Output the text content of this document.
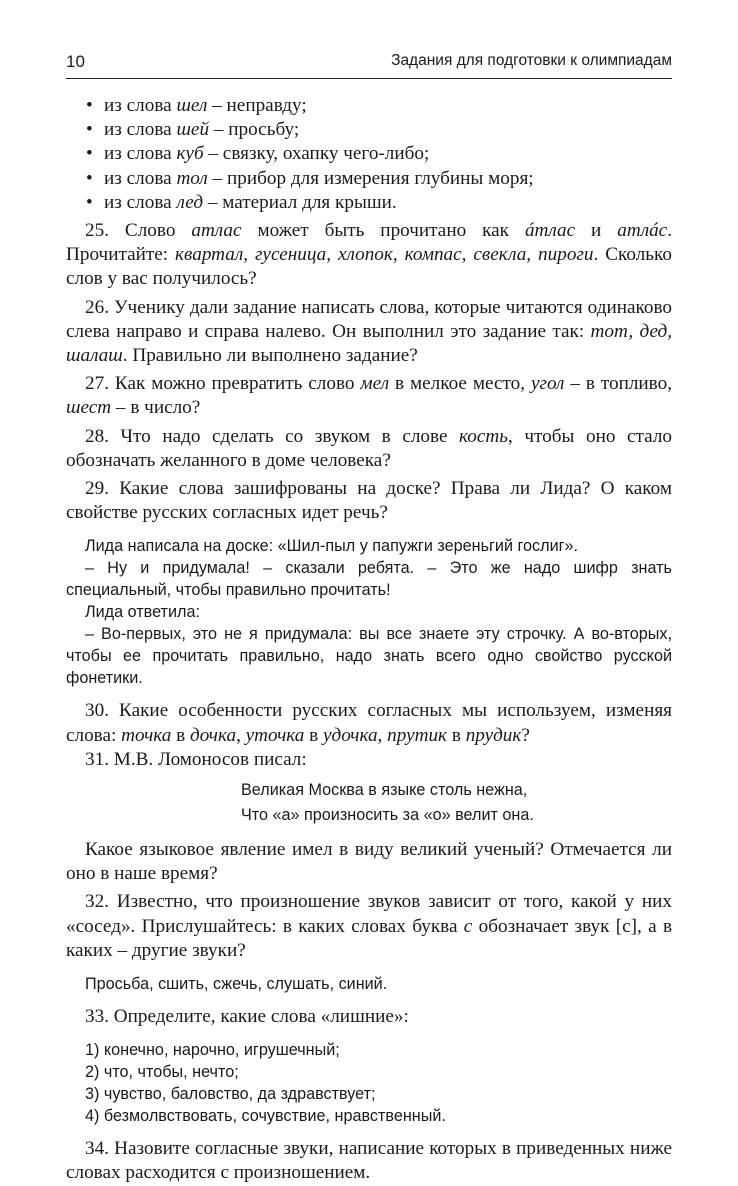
10	Задания для подготовки к олимпиадам
• из слова шел – неправду;
• из слова шей – просьбу;
• из слова куб – связку, охапку чего-либо;
• из слова тол – прибор для измерения глубины моря;
• из слова лед – материал для крыши.

25. Слово атлас может быть прочитано как áтлас и атлáс. Прочитайте: квартал, гусеница, хлопок, компас, свекла, пироги. Сколько слов у вас получилось?

26. Ученику дали задание написать слова, которые читаются одинаково слева направо и справа налево. Он выполнил это задание так: тот, дед, шалаш. Правильно ли выполнено задание?

27. Как можно превратить слово мел в мелкое место, угол – в топливо, шест – в число?

28. Что надо сделать со звуком в слове кость, чтобы оно стало обозначать желанного в доме человека?

29. Какие слова зашифрованы на доске? Права ли Лида? О каком свойстве русских согласных идет речь?

Лида написала на доске: «Шил-пыл у папужги зереньгий гослиг».

– Ну и придумала! – сказали ребята. – Это же надо шифр знать специальный, чтобы правильно прочитать!

Лида ответила:

– Во-первых, это не я придумала: вы все знаете эту строчку. А во-вторых, чтобы ее прочитать правильно, надо знать всего одно свойство русской фонетики.

30. Какие особенности русских согласных мы используем, изменяя слова: точка в дочка, уточка в удочка, прутик в прудик?

31. М.В. Ломоносов писал:

Великая Москва в языке столь нежна,

Что «а» произносить за «о» велит она.

Какое языковое явление имел в виду великий ученый? Отмечается ли оно в наше время?

32. Известно, что произношение звуков зависит от того, какой у них «сосед». Прислушайтесь: в каких словах буква с обозначает звук [с], а в каких – другие звуки?

Просьба, сшить, сжечь, слушать, синий.

33. Определите, какие слова «лишние»:

1) конечно, нарочно, игрушечный;

2) что, чтобы, нечто;

3) чувство, баловство, да здравствует;

4) безмолвствовать, сочувствие, нравственный.

34. Назовите согласные звуки, написание которых в приведенных ниже словах расходится с произношением.
